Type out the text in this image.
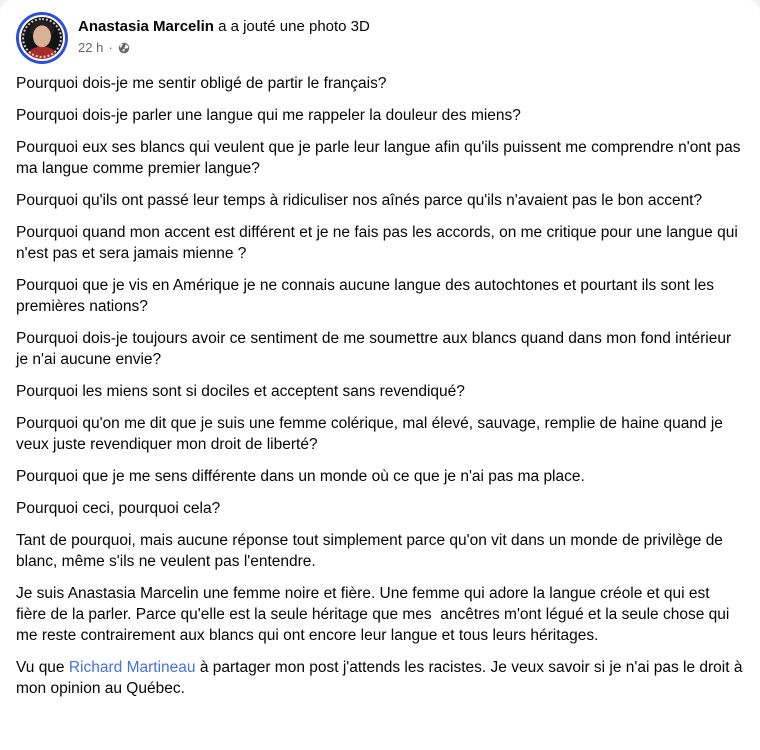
Anastasia Marcelin a a jouté une photo 3D
22 h ·

Pourquoi dois-je me sentir obligé de partir le français?

Pourquoi dois-je parler une langue qui me rappeler la douleur des miens?

Pourquoi eux ses blancs qui veulent que je parle leur langue afin qu'ils puissent me comprendre n'ont pas ma langue comme premier langue?

Pourquoi qu'ils ont passé leur temps à ridiculiser nos aînés parce qu'ils n'avaient pas le bon accent?

Pourquoi quand mon accent est différent et je ne fais pas les accords, on me critique pour une langue qui n'est pas et sera jamais mienne ?

Pourquoi que je vis en Amérique je ne connais aucune langue des autochtones et pourtant ils sont les premières nations?

Pourquoi dois-je toujours avoir ce sentiment de me soumettre aux blancs quand dans mon fond intérieur je n'ai aucune envie?

Pourquoi les miens sont si dociles et acceptent sans revendiqué?

Pourquoi qu'on me dit que je suis une femme colérique, mal élevé, sauvage, remplie de haine quand je veux juste revendiquer mon droit de liberté?

Pourquoi que je me sens différente dans un monde où ce que je n'ai pas ma place.

Pourquoi ceci, pourquoi cela?

Tant de pourquoi, mais aucune réponse tout simplement parce qu'on vit dans un monde de privilège de blanc, même s'ils ne veulent pas l'entendre.

Je suis Anastasia Marcelin une femme noire et fière. Une femme qui adore la langue créole et qui est fière de la parler. Parce qu'elle est la seule héritage que mes  ancêtres m'ont légué et la seule chose qui me reste contrairement aux blancs qui ont encore leur langue et tous leurs héritages.

Vu que Richard Martineau à partager mon post j'attends les racistes. Je veux savoir si je n'ai pas le droit à mon opinion au Québec.
